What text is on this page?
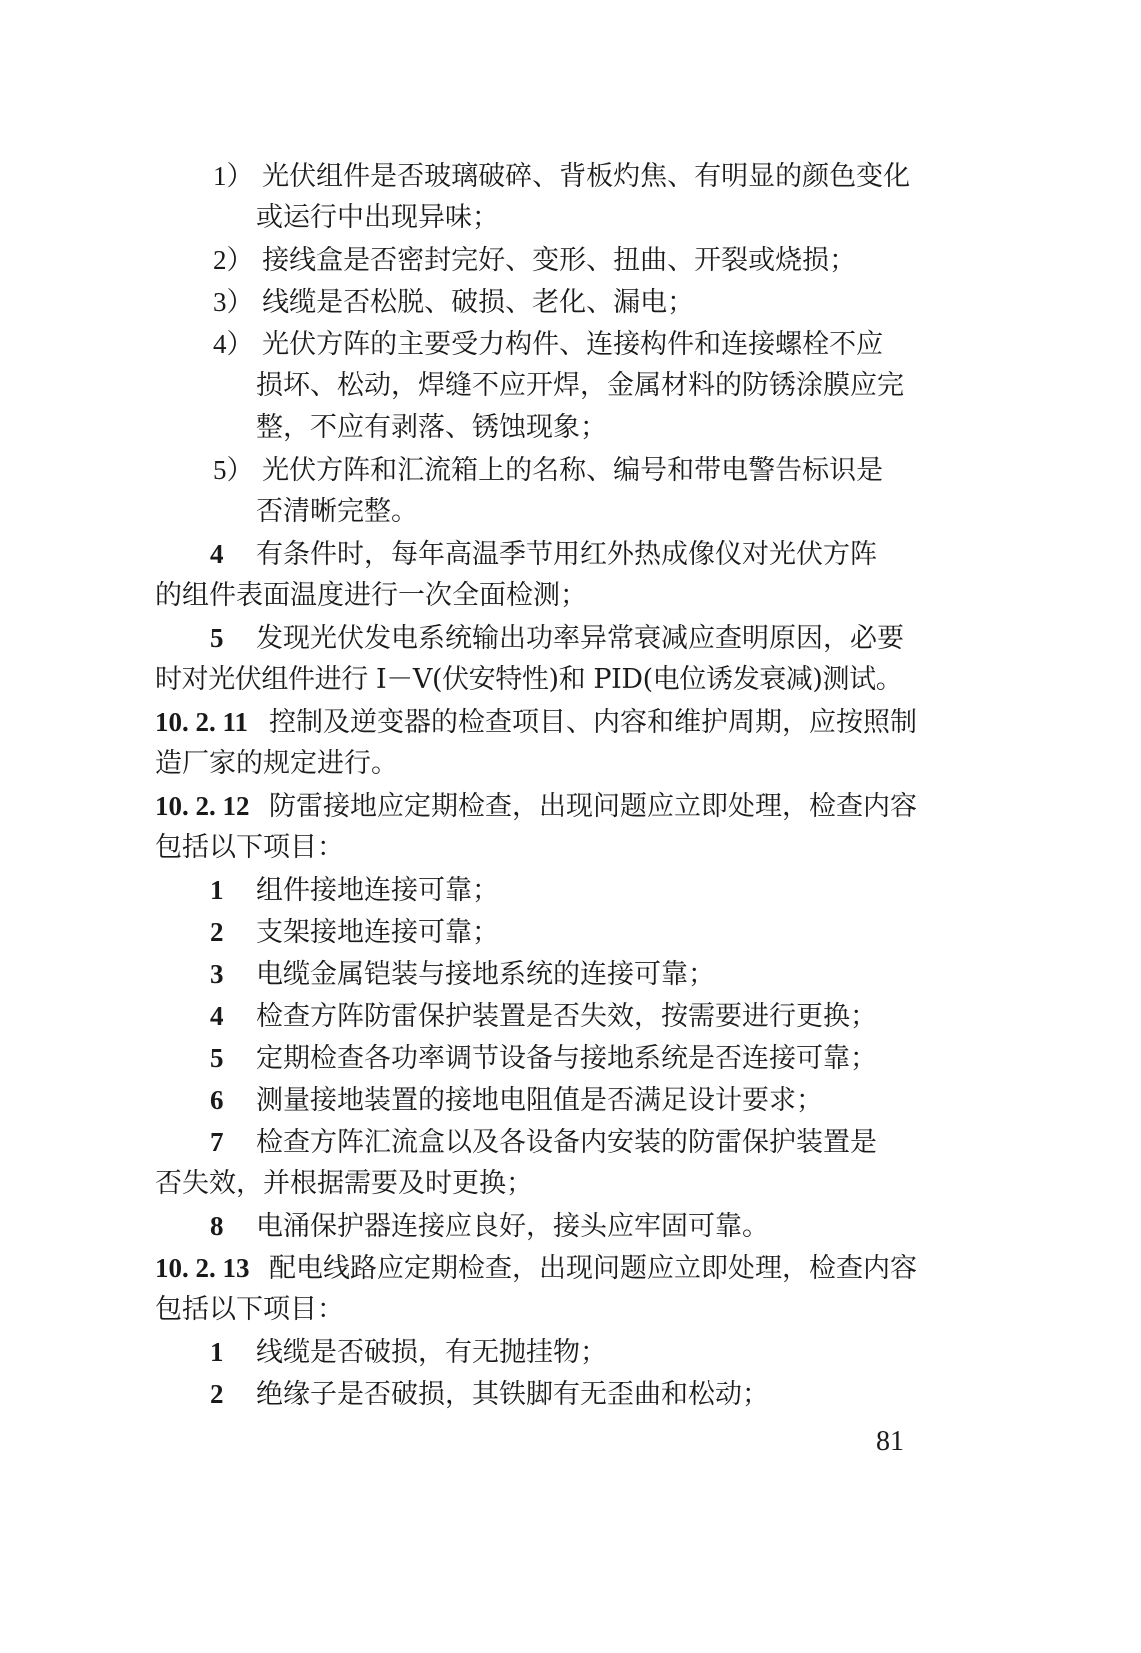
1） 光伏组件是否玻璃破碎、背板灼焦、有明显的颜色变化
或运行中出现异味；
2） 接线盒是否密封完好、变形、扭曲、开裂或烧损；
3） 线缆是否松脱、破损、老化、漏电；
4） 光伏方阵的主要受力构件、连接构件和连接螺栓不应
损坏、松动，焊缝不应开焊，金属材料的防锈涂膜应完
整，不应有剥落、锈蚀现象；
5） 光伏方阵和汇流箱上的名称、编号和带电警告标识是
否清晰完整。
4 有条件时，每年高温季节用红外热成像仪对光伏方阵
的组件表面温度进行一次全面检测；
5 发现光伏发电系统输出功率异常衰减应查明原因，必要
时对光伏组件进行 I－V(伏安特性)和 PID(电位诱发衰减)测试。
10. 2. 11 控制及逆变器的检查项目、内容和维护周期，应按照制
造厂家的规定进行。
10. 2. 12 防雷接地应定期检查，出现问题应立即处理，检查内容
包括以下项目：
1 组件接地连接可靠；
2 支架接地连接可靠；
3 电缆金属铠装与接地系统的连接可靠；
4 检查方阵防雷保护装置是否失效，按需要进行更换；
5 定期检查各功率调节设备与接地系统是否连接可靠；
6 测量接地装置的接地电阻值是否满足设计要求；
7 检查方阵汇流盒以及各设备内安装的防雷保护装置是
否失效，并根据需要及时更换；
8 电涌保护器连接应良好，接头应牢固可靠。
10. 2. 13 配电线路应定期检查，出现问题应立即处理，检查内容
包括以下项目：
1 线缆是否破损，有无抛挂物；
2 绝缘子是否破损，其铁脚有无歪曲和松动；
81
